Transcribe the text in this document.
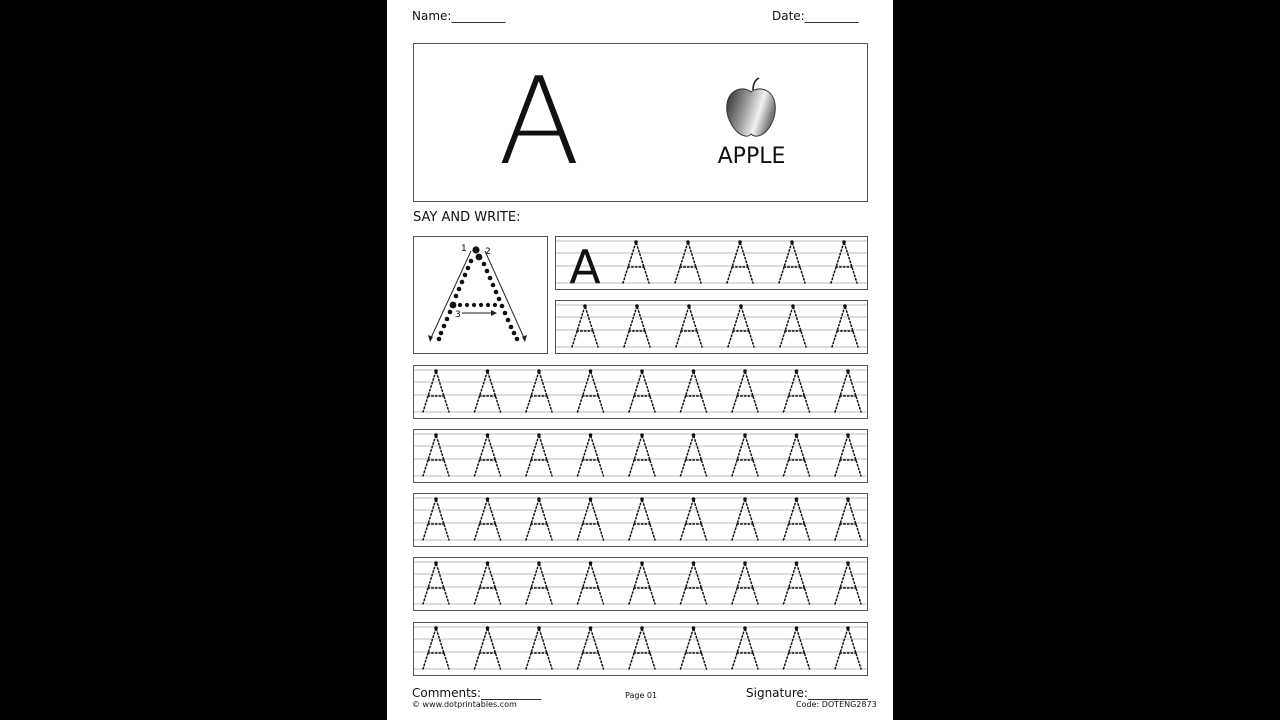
Name:_________	Date:_________
A	APPLE
SAY AND WRITE:
1 2
3
A
Comments:__________	Page 01	Signature:__________
© www.dotprintables.com	Code: DOTENG2873
